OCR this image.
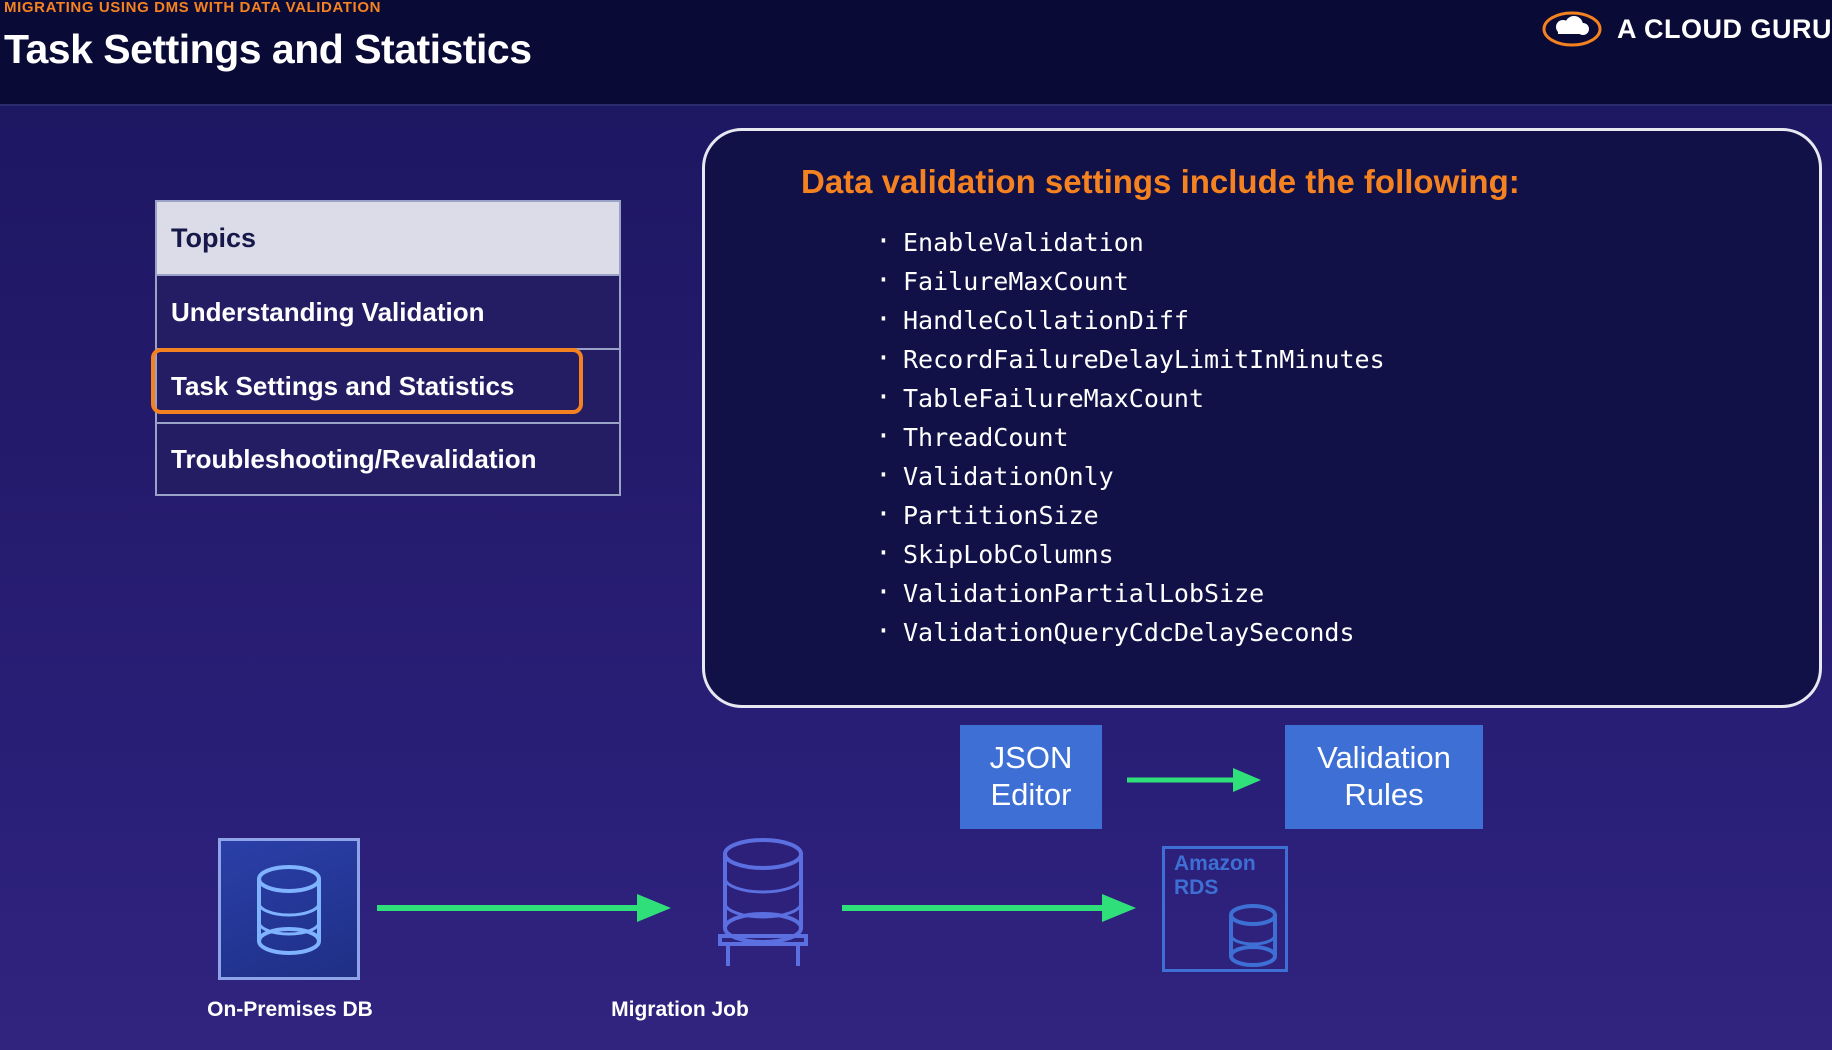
MIGRATING USING DMS WITH DATA VALIDATION
Task Settings and Statistics	A CLOUD GURU
Topics
Understanding Validation
Task Settings and Statistics
Troubleshooting/Revalidation
Data validation settings include the following:
· EnableValidation
· FailureMaxCount
· HandleCollationDiff
· RecordFailureDelayLimitInMinutes
· TableFailureMaxCount
· ThreadCount
· ValidationOnly
· PartitionSize
· SkipLobColumns
· ValidationPartialLobSize
· ValidationQueryCdcDelaySeconds
JSON
Editor
Validation
Rules
On-Premises DB	Migration Job
Amazon
RDS
